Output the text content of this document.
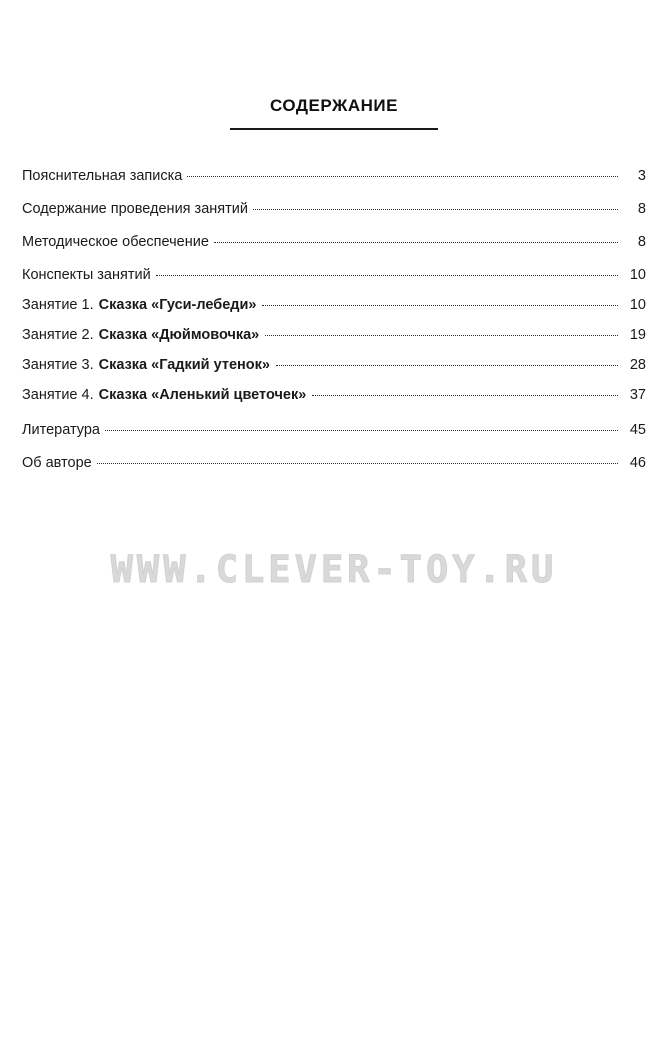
СОДЕРЖАНИЕ
Пояснительная записка	3
Содержание проведения занятий	8
Методическое обеспечение	8
Конспекты занятий	10
Занятие 1. Сказка «Гуси-лебеди»	10
Занятие 2. Сказка «Дюймовочка»	19
Занятие 3. Сказка «Гадкий утенок»	28
Занятие 4. Сказка «Аленький цветочек»	37
Литература	45
Об авторе	46
WWW.CLEVER-TOY.RU
